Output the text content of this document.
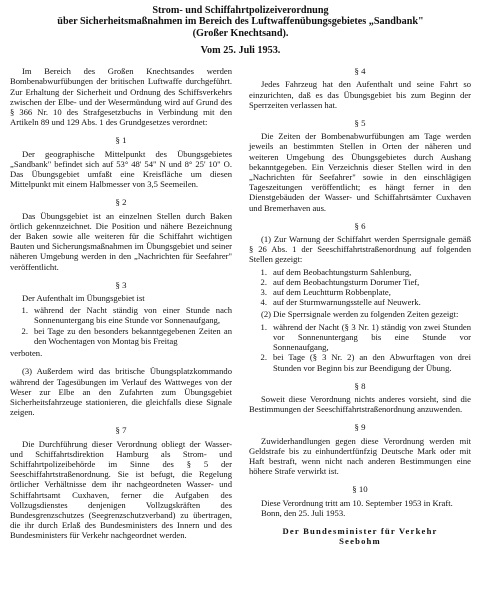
Strom- und Schiffahrtpolizeiverordnung
über Sicherheitsmaßnahmen im Bereich des Luftwaffenübungsgebietes „Sandbank"
(Großer Knechtsand).
Vom 25. Juli 1953.

Im Bereich des Großen Knechtsandes werden Bombenabwurfübungen der britischen Luftwaffe durchgeführt. Zur Erhaltung der Sicherheit und Ordnung des Schiffsverkehrs zwischen der Elbe- und der Wesermündung wird auf Grund des § 366 Nr. 10 des Strafgesetzbuchs in Verbindung mit den Artikeln 89 und 129 Abs. 1 des Grundgesetzes verordnet:

§ 1

Der geographische Mittelpunkt des Übungsgebietes „Sandbank" befindet sich auf 53° 48' 54" N und 8° 25' 10" O. Das Übungsgebiet umfaßt eine Kreisfläche um diesen Mittelpunkt mit einem Halbmesser von 3,5 Seemeilen.

§ 2

Das Übungsgebiet ist an einzelnen Stellen durch Baken örtlich gekennzeichnet. Die Position und nähere Bezeichnung der Baken sowie alle weiteren für die Schiffahrt wichtigen Bauten und Sicherungsmaßnahmen im Übungsgebiet und seiner näheren Umgebung werden in den „Nachrichten für Seefahrer" veröffentlicht.

§ 3

Der Aufenthalt im Übungsgebiet ist

1. während der Nacht ständig von einer Stunde nach Sonnenuntergang bis eine Stunde vor Sonnenaufgang,
2. bei Tage zu den besonders bekanntgegebenen Zeiten an den Wochentagen von Montag bis Freitag

verboten.

(3) Außerdem wird das britische Übungsplatzkommando während der Tagesübungen im Verlauf des Wattweges von der Weser zur Elbe an den Zufahrten zum Übungsgebiet Sicherheitsfahrzeuge stationieren, die gleichfalls diese Signale zeigen.

§ 7

Die Durchführung dieser Verordnung obliegt der Wasser- und Schiffahrtsdirektion Hamburg als Strom- und Schiffahrtpolizeibehörde im Sinne des § 5 der Seeschiffahrtstraßenordnung. Sie ist befugt, die Regelung örtlicher Verhältnisse dem ihr nachgeordneten Wasser- und Schiffahrtsamt Cuxhaven, ferner die Aufgaben des Vollzugsdienstes denjenigen Vollzugskräften des Bundesgrenzschutzes (Seegrenzschutzverband) zu übertragen, die ihr durch Erlaß des Bundesministers des Innern und des Bundesministers für Verkehr nachgeordnet werden.

§ 4

Jedes Fahrzeug hat den Aufenthalt und seine Fahrt so einzurichten, daß es das Übungsgebiet bis zum Beginn der Sperrzeiten verlassen hat.

§ 5

Die Zeiten der Bombenabwurfübungen am Tage werden jeweils an bestimmten Stellen in Orten der näheren und weiteren Umgebung des Übungsgebietes durch Aushang bekanntgegeben. Ein Verzeichnis dieser Stellen wird in den „Nachrichten für Seefahrer" sowie in den einschlägigen Tageszeitungen veröffentlicht; es hängt ferner in den Dienstgebäuden der Wasser- und Schiffahrtsämter Cuxhaven und Bremerhaven aus.

§ 6

(1) Zur Warnung der Schiffahrt werden Sperrsignale gemäß § 26 Abs. 1 der Seeschiffahrtstraßenordnung auf folgenden Stellen gezeigt:

1. auf dem Beobachtungsturm Sahlenburg,
2. auf dem Beobachtungsturm Dorumer Tief,
3. auf dem Leuchtturm Robbenplate,
4. auf der Sturmwarnungsstelle auf Neuwerk.

(2) Die Sperrsignale werden zu folgenden Zeiten gezeigt:

1. während der Nacht (§ 3 Nr. 1) ständig von zwei Stunden vor Sonnenuntergang bis eine Stunde vor Sonnenaufgang,
2. bei Tage (§ 3 Nr. 2) an den Abwurftagen von drei Stunden vor Beginn bis zur Beendigung der Übung.
§ 8

Soweit diese Verordnung nichts anderes vorsieht, sind die Bestimmungen der Seeschiffahrtstraßenordnung anzuwenden.

§ 9

Zuwiderhandlungen gegen diese Verordnung werden mit Geldstrafe bis zu einhundertfünfzig Deutsche Mark oder mit Haft bestraft, wenn nicht nach anderen Bestimmungen eine höhere Strafe verwirkt ist.

§ 10

Diese Verordnung tritt am 10. September 1953 in Kraft.

Bonn, den 25. Juli 1953.

Der Bundesminister für Verkehr
Seebohm
